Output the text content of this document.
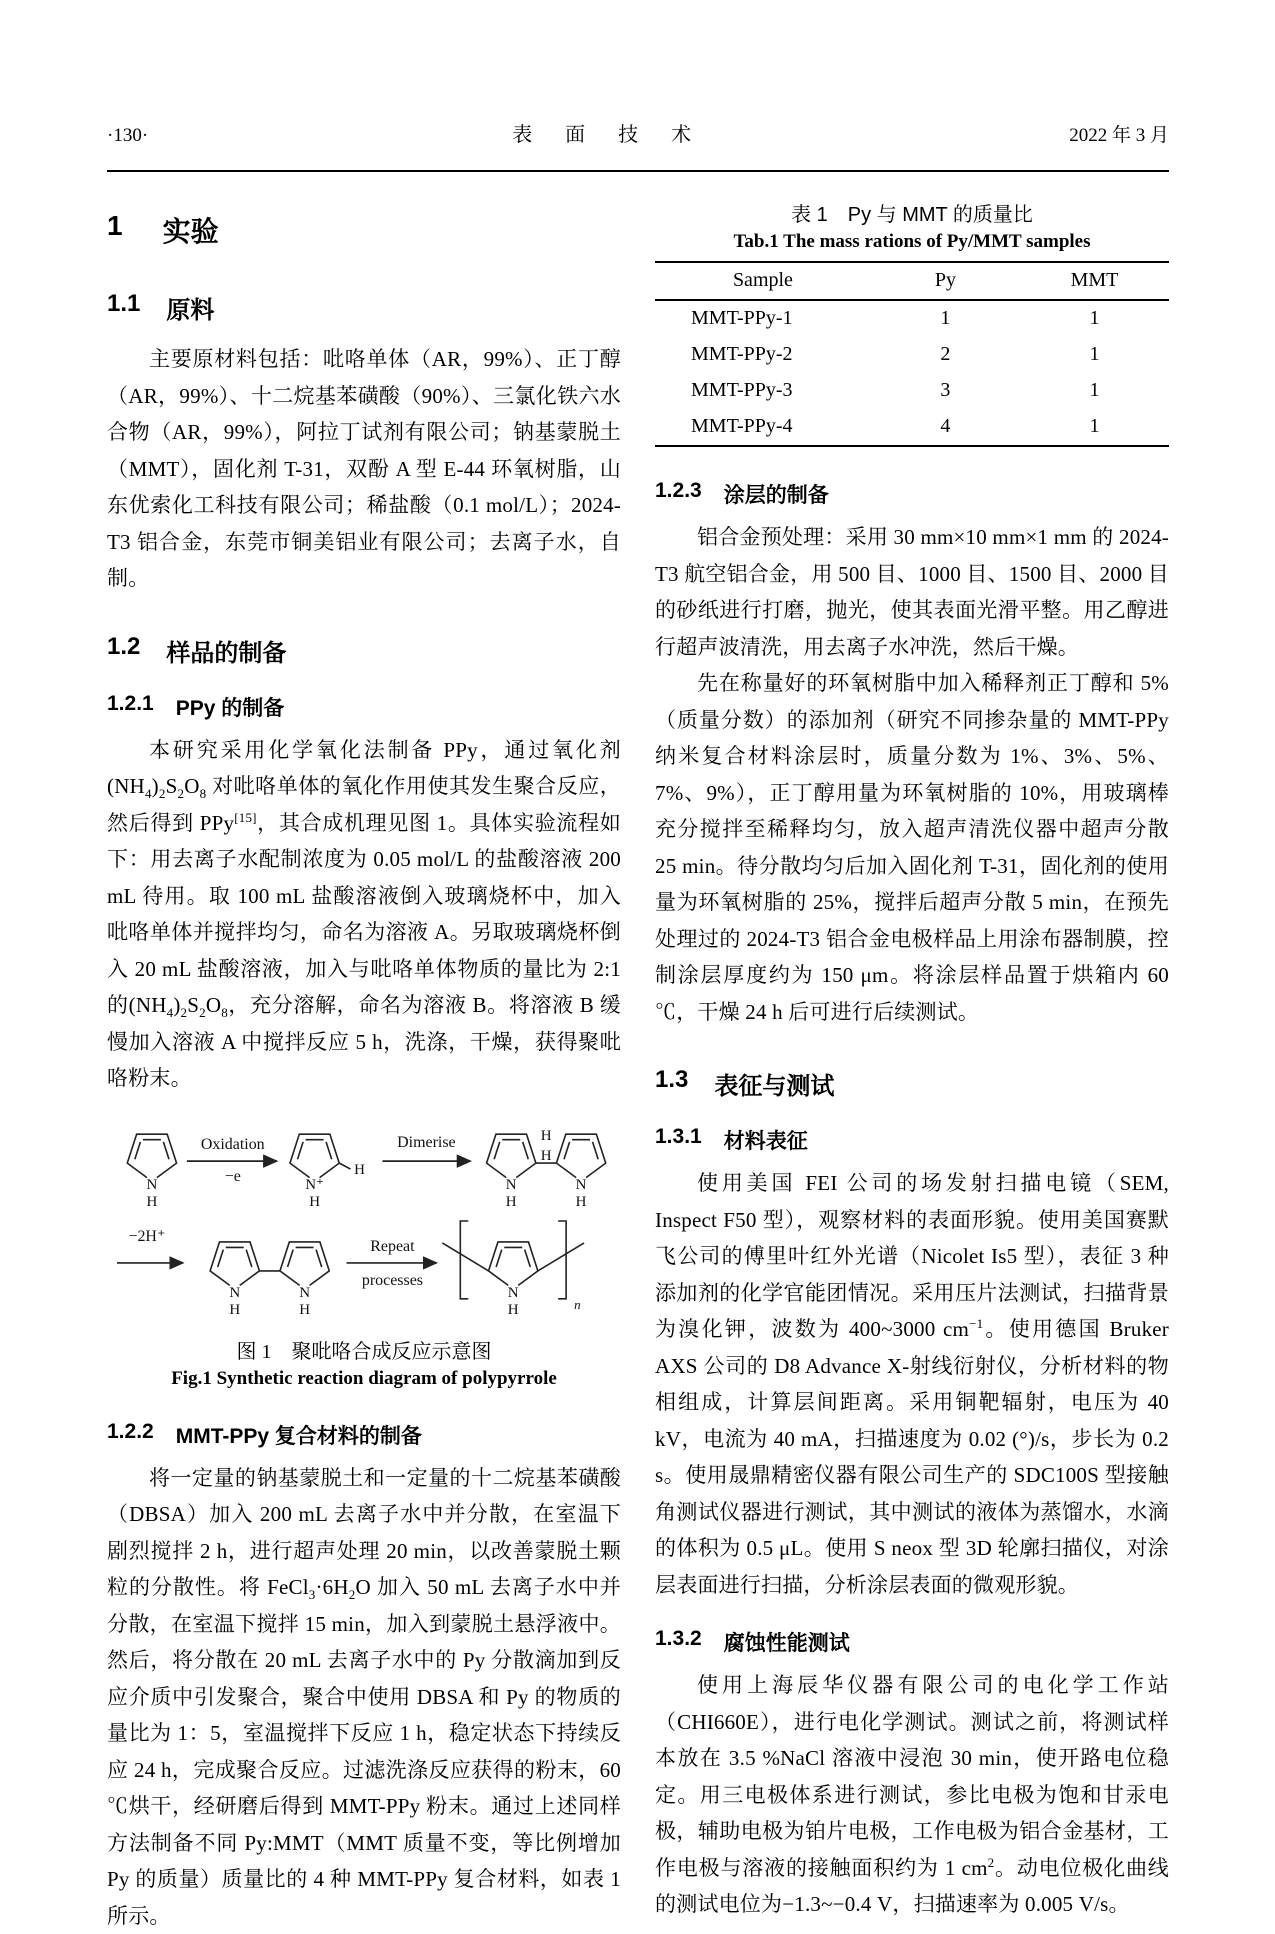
·130·	表 面 技 术	2022 年 3 月
1 实验
1.1 原料

主要原材料包括：吡咯单体（AR，99%）、正丁醇（AR，99%）、十二烷基苯磺酸（90%）、三氯化铁六水合物（AR，99%），阿拉丁试剂有限公司；钠基蒙脱土（MMT），固化剂 T-31，双酚 A 型 E-44 环氧树脂，山东优索化工科技有限公司；稀盐酸（0.1 mol/L）；2024-T3 铝合金，东莞市铜美铝业有限公司；去离子水，自制。

1.2 样品的制备
1.2.1 PPy 的制备

本研究采用化学氧化法制备 PPy，通过氧化剂$(NH_4)_2S_2O_8$ 对吡咯单体的氧化作用使其发生聚合反应，然后得到 PPy[15]，其合成机理见图 1。具体实验流程如下：用去离子水配制浓度为 0.05 mol/L 的盐酸溶液 200 mL 待用。取 100 mL 盐酸溶液倒入玻璃烧杯中，加入吡咯单体并搅拌均匀，命名为溶液 A。另取玻璃烧杯倒入 20 mL 盐酸溶液，加入与吡咯单体物质的量比为 2:1 的$(NH_4)_2S_2O_8$，充分溶解，命名为溶液 B。将溶液 B 缓慢加入溶液 A 中搅拌反应 5 h，洗涤，干燥，获得聚吡咯粉末。

N
H
Oxidation
−e	N⁺
H
H
Dimerise	H
H
N
H
N
H
−2H⁺
N
H
N
H
Repeat
processes
N
H	n
图 1　聚吡咯合成反应示意图
Fig.1 Synthetic reaction diagram of polypyrrole
1.2.2 MMT-PPy 复合材料的制备

将一定量的钠基蒙脱土和一定量的十二烷基苯磺酸（DBSA）加入 200 mL 去离子水中并分散，在室温下剧烈搅拌 2 h，进行超声处理 20 min，以改善蒙脱土颗粒的分散性。将 $FeCl_3\cdot 6H_2O$ 加入 50 mL 去离子水中并分散，在室温下搅拌 15 min，加入到蒙脱土悬浮液中。然后，将分散在 20 mL 去离子水中的 Py 分散滴加到反应介质中引发聚合，聚合中使用 DBSA 和 Py 的物质的量比为 1：5，室温搅拌下反应 1 h，稳定状态下持续反应 24 h，完成聚合反应。过滤洗涤反应获得的粉末，60 ℃烘干，经研磨后得到 MMT-PPy 粉末。通过上述同样方法制备不同 Py:MMT（MMT 质量不变，等比例增加 Py 的质量）质量比的 4 种 MMT-PPy 复合材料，如表 1 所示。

表 1　Py 与 MMT 的质量比
Tab.1 The mass rations of Py/MMT samples
Sample	Py	MMT
MMT-PPy-1	1	1
MMT-PPy-2	2	1
MMT-PPy-3	3	1
MMT-PPy-4	4	1
1.2.3 涂层的制备

铝合金预处理：采用 30 mm×10 mm×1 mm 的 2024-T3 航空铝合金，用 500 目、1000 目、1500 目、2000 目的砂纸进行打磨，抛光，使其表面光滑平整。用乙醇进行超声波清洗，用去离子水冲洗，然后干燥。

先在称量好的环氧树脂中加入稀释剂正丁醇和 5%（质量分数）的添加剂（研究不同掺杂量的 MMT-PPy 纳米复合材料涂层时，质量分数为 1%、3%、5%、7%、9%），正丁醇用量为环氧树脂的 10%，用玻璃棒充分搅拌至稀释均匀，放入超声清洗仪器中超声分散 25 min。待分散均匀后加入固化剂 T-31，固化剂的使用量为环氧树脂的 25%，搅拌后超声分散 5 min，在预先处理过的 2024-T3 铝合金电极样品上用涂布器制膜，控制涂层厚度约为 150 μm。将涂层样品置于烘箱内 60 ℃，干燥 24 h 后可进行后续测试。

1.3 表征与测试
1.3.1 材料表征

使用美国 FEI 公司的场发射扫描电镜（SEM, Inspect F50 型），观察材料的表面形貌。使用美国赛默飞公司的傅里叶红外光谱（Nicolet Is5 型），表征 3 种添加剂的化学官能团情况。采用压片法测试，扫描背景为溴化钾，波数为 400~3000 $cm^{-1}$。使用德国 Bruker AXS 公司的 D8 Advance X-射线衍射仪，分析材料的物相组成，计算层间距离。采用铜靶辐射，电压为 40 kV，电流为 40 mA，扫描速度为 0.02 (°)/s，步长为 0.2 s。使用晟鼎精密仪器有限公司生产的 SDC100S 型接触角测试仪器进行测试，其中测试的液体为蒸馏水，水滴的体积为 0.5 μL。使用 S neox 型 3D 轮廓扫描仪，对涂层表面进行扫描，分析涂层表面的微观形貌。

1.3.2 腐蚀性能测试

使用上海辰华仪器有限公司的电化学工作站（CHI660E），进行电化学测试。测试之前，将测试样本放在 3.5 %NaCl 溶液中浸泡 30 min，使开路电位稳定。用三电极体系进行测试，参比电极为饱和甘汞电极，辅助电极为铂片电极，工作电极为铝合金基材，工作电极与溶液的接触面积约为 1 $cm^2$。动电位极化曲线的测试电位为−1.3~−0.4 V，扫描速率为 0.005 V/s。
